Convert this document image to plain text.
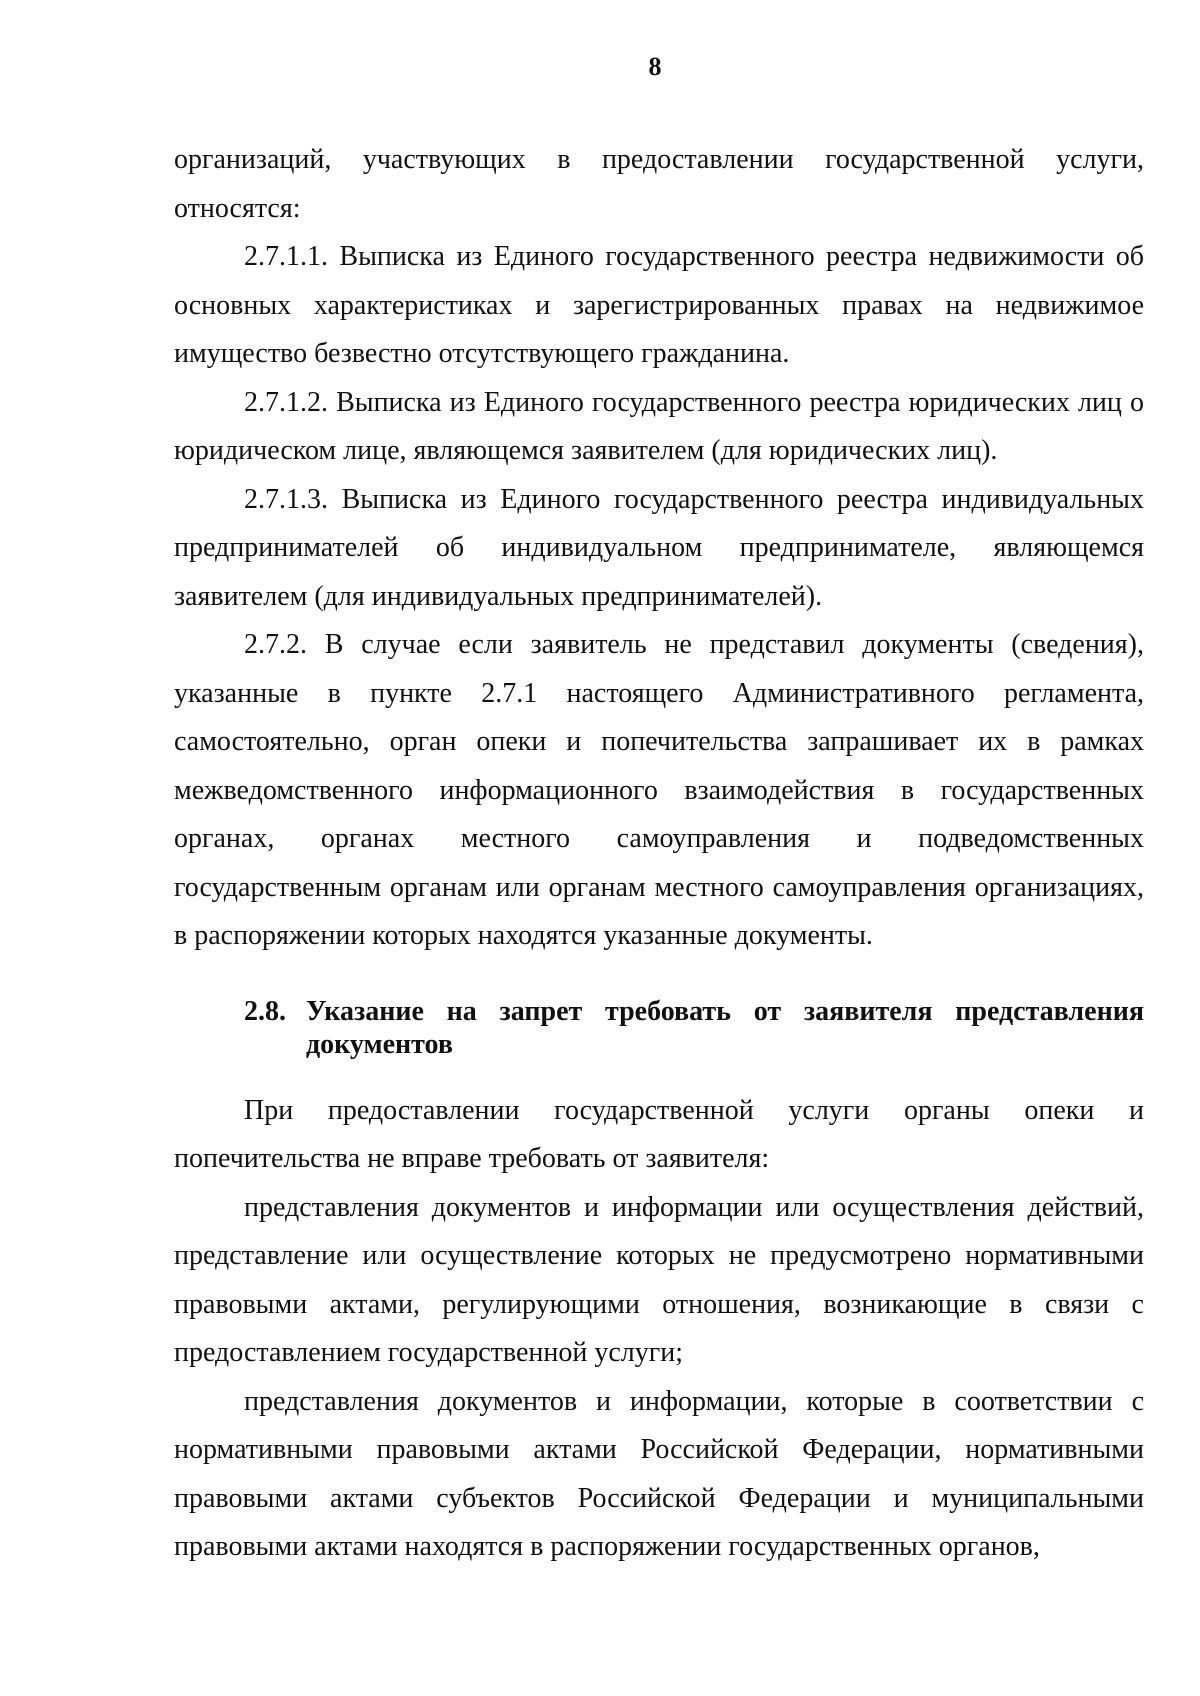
8

организаций, участвующих в предоставлении государственной услуги, относятся:

2.7.1.1. Выписка из Единого государственного реестра недвижимости об основных характеристиках и зарегистрированных правах на недвижимое имущество безвестно отсутствующего гражданина.

2.7.1.2. Выписка из Единого государственного реестра юридических лиц о юридическом лице, являющемся заявителем (для юридических лиц).

2.7.1.3. Выписка из Единого государственного реестра индивидуальных предпринимателей об индивидуальном предпринимателе, являющемся заявителем (для индивидуальных предпринимателей).

2.7.2. В случае если заявитель не представил документы (сведения), указанные в пункте 2.7.1 настоящего Административного регламента, самостоятельно, орган опеки и попечительства запрашивает их в рамках межведомственного информационного взаимодействия в государственных органах, органах местного самоуправления и подведомственных государственным органам или органам местного самоуправления организациях, в распоряжении которых находятся указанные документы.

2.8. Указание на запрет требовать от заявителя представления документов

При предоставлении государственной услуги органы опеки и попечительства не вправе требовать от заявителя:

представления документов и информации или осуществления действий, представление или осуществление которых не предусмотрено нормативными правовыми актами, регулирующими отношения, возникающие в связи с предоставлением государственной услуги;

представления документов и информации, которые в соответствии с нормативными правовыми актами Российской Федерации, нормативными правовыми актами субъектов Российской Федерации и муниципальными правовыми актами находятся в распоряжении государственных органов,
